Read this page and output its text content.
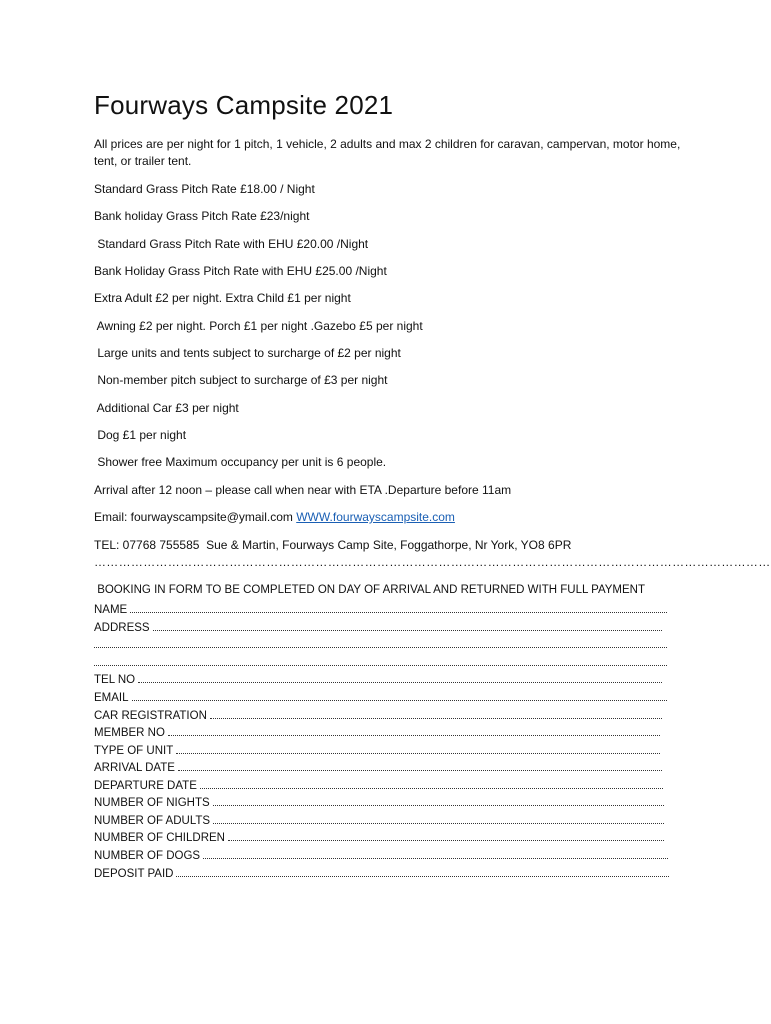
Fourways Campsite 2021
All prices are per night for 1 pitch, 1 vehicle, 2 adults and max 2 children for caravan, campervan, motor home, tent, or trailer tent.
Standard Grass Pitch Rate £18.00 / Night
Bank holiday Grass Pitch Rate £23/night
Standard Grass Pitch Rate with EHU £20.00 /Night
Bank Holiday Grass Pitch Rate with EHU £25.00 /Night
Extra Adult £2 per night. Extra Child £1 per night
Awning £2 per night. Porch £1 per night .Gazebo £5 per night
Large units and tents subject to surcharge of £2 per night
Non-member pitch subject to surcharge of £3 per night
Additional Car £3 per night
Dog £1 per night
Shower free Maximum occupancy per unit is 6 people.
Arrival after 12 noon – please call when near with ETA .Departure before 11am
Email: fourwayscampsite@ymail.com WWW.fourwayscampsite.com
TEL: 07768 755585  Sue & Martin, Fourways Camp Site, Foggathorpe, Nr York, YO8 6PR
…………………………………………………………………………………………………………………………………………………
BOOKING IN FORM TO BE COMPLETED ON DAY OF ARRIVAL AND RETURNED WITH FULL PAYMENT
NAME
ADDRESS
TEL NO
EMAIL
CAR REGISTRATION
MEMBER NO
TYPE OF UNIT
ARRIVAL DATE
DEPARTURE DATE
NUMBER OF NIGHTS
NUMBER OF ADULTS
NUMBER OF CHILDREN
NUMBER OF DOGS
DEPOSIT PAID
